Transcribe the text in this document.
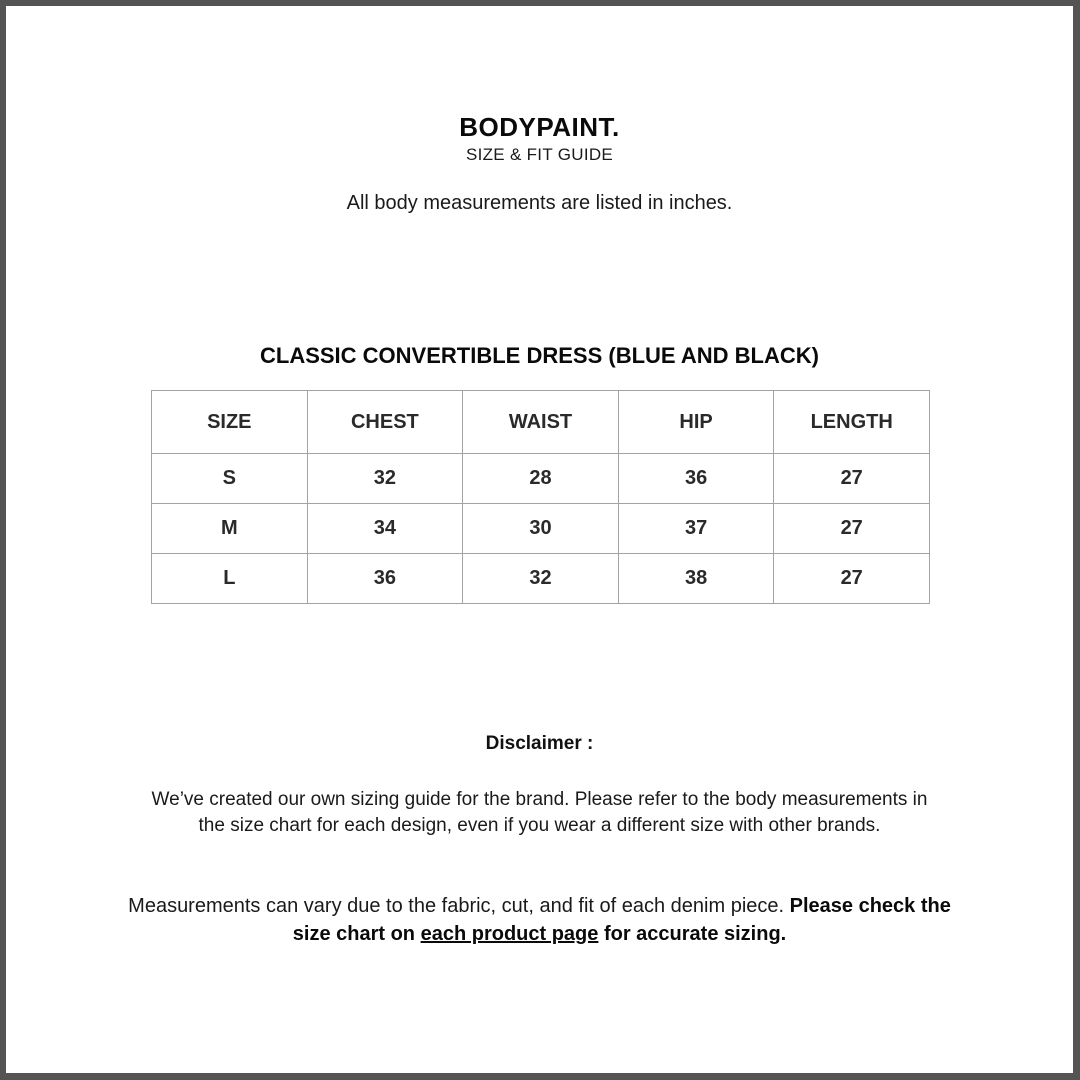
BODYPAINT.
SIZE & FIT GUIDE
All body measurements are listed in inches.
CLASSIC CONVERTIBLE DRESS (BLUE AND BLACK)
SIZE	CHEST	WAIST	HIP	LENGTH
S	32	28	36	27
M	34	30	37	27
L	36	32	38	27
Disclaimer :
We’ve created our own sizing guide for the brand. Please refer to the body measurements in the size chart for each design, even if you wear a different size with other brands.
Measurements can vary due to the fabric, cut, and fit of each denim piece. Please check the size chart on each product page for accurate sizing.
